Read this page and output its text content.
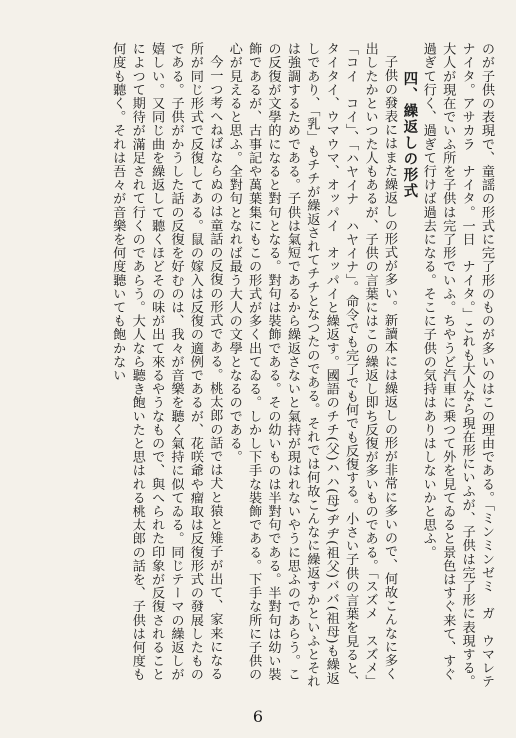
のが子供の表現で、童謡の形式に完了形のものが多いのはこの理由である。「ミンミンゼミ　ガ　ウマレテ　ナイタ。アサカラ　ナイタ。一日　ナイタ。」これも大人なら現在形にいふが、子供は完了形に表現する。大人が現在でいふ所を子供は完了形でいふ。ちやうど汽車に乗つて外を見てゐると景色はすぐ来て、すぐ過ぎて行く、過ぎて行けば過去になる。そこに子供の気持はありはしないかと思ふ。

四、繰返しの形式

子供の發表にはまた繰返しの形式が多い。新讀本には繰返しの形が非常に多いので、何故こんなに多く出したかといつた人もあるが、子供の言葉にはこの繰返し即ち反復が多いものである。「スズメ　スズメ」「コイ　コイ」、「ハヤイナ　ハヤイナ」。命令でも完了でも何でも反復する。小さい子供の言葉を見ると、タイタイ、ウマウマ、オッパイ　オッパイと繰返す。國語のチチ(父)ハハ(母)ヂヂ(祖父)ババ(祖母)も繰返しであり、「乳」もチチが繰返されてチチとなつたのである。それでは何故こんなに繰返すかといふとそれは強調するためである。子供は氣短であるから繰返さないと氣持が現はれないやうに思ふのであらう。この反復が文學的になると對句となる。對句は裝飾である。その幼いものは半對句である。半對句は幼い裝飾であるが、古事記や萬葉集にもこの形式が多く出てゐる。しかし下手な裝飾である。下手な所に子供の心が見えると思ふ。全對句となれば最う大人の文學となるのである。

今一つ考へねばならぬのは童話の反復の形式である。桃太郎の話では犬と猿と雉子が出て、家来になる所が同じ形式で反復してある。鼠の嫁入は反復の適例であるが、花咲爺や瘤取は反復形式の發展したものである。子供がかうした話の反復を好むのは、我々が音樂を聽く氣持に似てゐる。同じテーマの繰返しが嬉しい。又同じ曲を繰返して聽くほどその味が出て來るやうなもので、與へられた印象が反復されることによつて期待が滿足されて行くのであらう。大人なら聽き飽いたと思はれる桃太郎の話を、子供は何度も何度も聽く。それは吾々が音樂を何度聽いても飽かない

6
